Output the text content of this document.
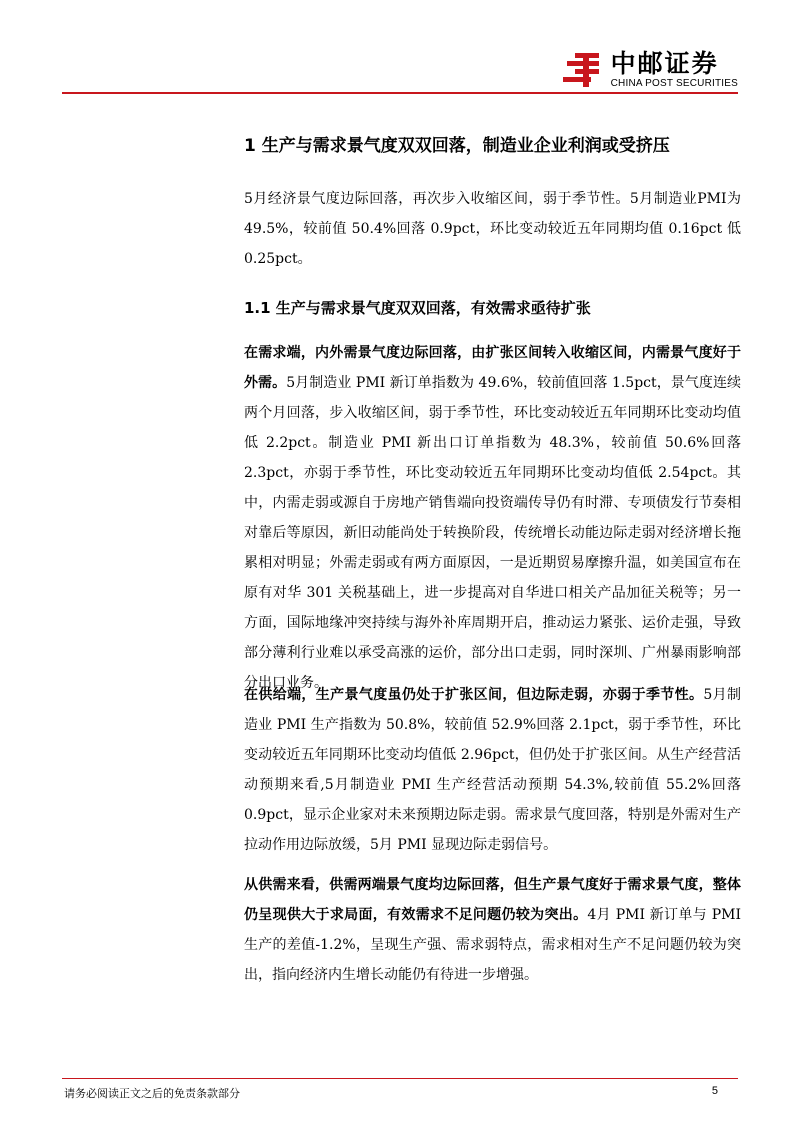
中邮证券
CHINA POST SECURITIES
1 生产与需求景气度双双回落，制造业企业利润或受挤压

5月经济景气度边际回落，再次步入收缩区间，弱于季节性。5月制造业PMI为 49.5%，较前值 50.4%回落 0.9pct，环比变动较近五年同期均值 0.16pct 低 0.25pct。

1.1 生产与需求景气度双双回落，有效需求亟待扩张

在需求端，内外需景气度边际回落，由扩张区间转入收缩区间，内需景气度好于外需。5月制造业 PMI 新订单指数为 49.6%，较前值回落 1.5pct，景气度连续两个月回落，步入收缩区间，弱于季节性，环比变动较近五年同期环比变动均值低 2.2pct。制造业 PMI 新出口订单指数为 48.3%，较前值 50.6%回落 2.3pct，亦弱于季节性，环比变动较近五年同期环比变动均值低 2.54pct。其中，内需走弱或源自于房地产销售端向投资端传导仍有时滞、专项债发行节奏相对靠后等原因，新旧动能尚处于转换阶段，传统增长动能边际走弱对经济增长拖累相对明显；外需走弱或有两方面原因，一是近期贸易摩擦升温，如美国宣布在原有对华 301 关税基础上，进一步提高对自华进口相关产品加征关税等；另一方面，国际地缘冲突持续与海外补库周期开启，推动运力紧张、运价走强，导致部分薄利行业难以承受高涨的运价，部分出口走弱，同时深圳、广州暴雨影响部分出口业务。

在供给端，生产景气度虽仍处于扩张区间，但边际走弱，亦弱于季节性。5月制造业 PMI 生产指数为 50.8%，较前值 52.9%回落 2.1pct，弱于季节性，环比变动较近五年同期环比变动均值低 2.96pct，但仍处于扩张区间。从生产经营活动预期来看,5月制造业 PMI 生产经营活动预期 54.3%,较前值 55.2%回落 0.9pct，显示企业家对未来预期边际走弱。需求景气度回落，特别是外需对生产拉动作用边际放缓，5月 PMI 显现边际走弱信号。

从供需来看，供需两端景气度均边际回落，但生产景气度好于需求景气度，整体仍呈现供大于求局面，有效需求不足问题仍较为突出。4月 PMI 新订单与 PMI 生产的差值-1.2%，呈现生产强、需求弱特点，需求相对生产不足问题仍较为突出，指向经济内生增长动能仍有待进一步增强。

请务必阅读正文之后的免责条款部分	5
